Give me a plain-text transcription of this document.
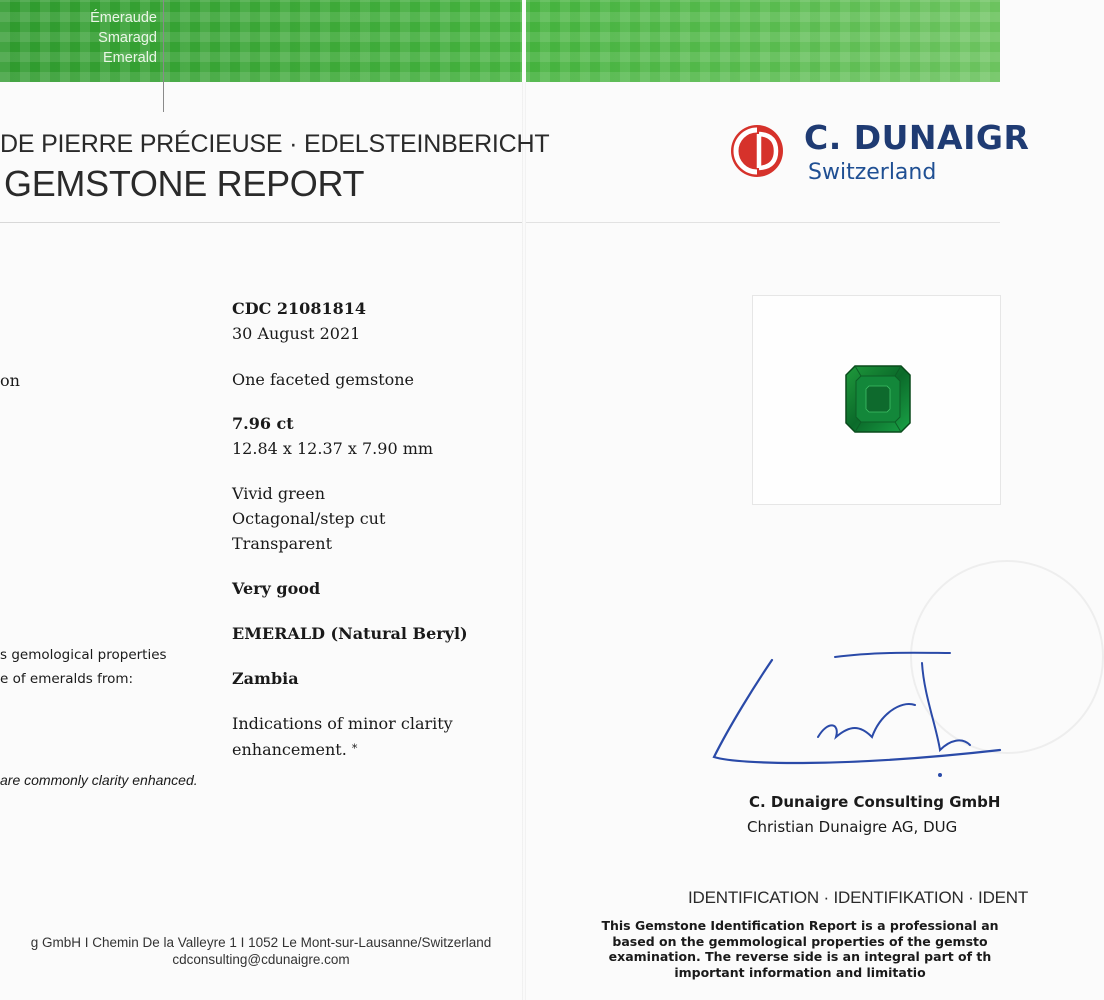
Émeraude
Smaragd
Emerald
DE PIERRE PRÉCIEUSE · EDELSTEINBERICHT
GEMSTONE REPORT
CDC 21081814
30 August 2021
on	One faceted gemstone
7.96 ct
12.84 x 12.37 x 7.90 mm
Vivid green
Octagonal/step cut
Transparent
Very good
EMERALD (Natural Beryl)
s gemological properties
e of emeralds from:	Zambia
Indications of minor clarity
enhancement. *
are commonly clarity enhanced.
g GmbH I Chemin De la Valleyre 1 I 1052 Le Mont-sur-Lausanne/Switzerland
cdconsulting@cdunaigre.com
C. DUNAIGR
Switzerland
C. Dunaigre Consulting GmbH
Christian Dunaigre AG, DUG
IDENTIFICATION · IDENTIFIKATION · IDENT
This Gemstone Identification Report is a professional an
based on the gemmological properties of the gemsto
examination. The reverse side is an integral part of th
important information and limitatio
